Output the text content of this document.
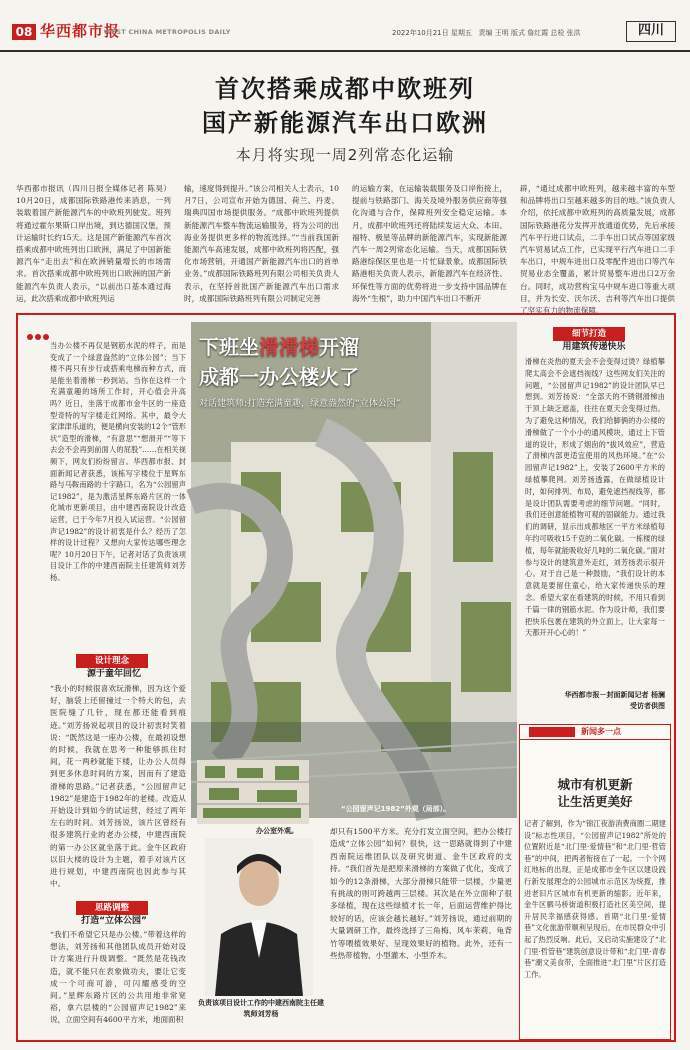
08 华西都市报
WEST CHINA METROPOLIS DAILY	2022年10月21日 星期五 责编 王明 版式 詹红霞 总检 张洪	四川
首次搭乘成都中欧班列
国产新能源汽车出口欧洲
本月将实现一周2列常态化运输
华西都市报讯（四川日报全媒体记者 陈昊）10月20日，成都国际铁路港传来消息，一列装载着国产新能源汽车的中欧班列驶发。班列将通过霍尔果斯口岸出境，到达德国汉堡，预计运输时长约15天。这是国产新能源汽车首次搭乘成都中欧班列出口欧洲，满足了中国新能源汽车“走出去”和在欧洲销量增长的市场需求。首次搭乘成都中欧班列出口欧洲的国产新能源汽车负责人表示，“以前出口基本通过海运，此次搭乘成都中欧班列运
输，速度得到提升。”该公司相关人士表示，10月7日，公司宣布开始为德国、荷兰、丹麦、瑞典四国市场提供服务。“成都中欧班列提供新能源汽车整车物流运输服务，将为公司的出海业务提供更多样的物流选择。”“当前我国新能源汽车高速发展，成都中欧班列将匹配，强化市场营销，开通国产新能源汽车出口的首单业务。”成都国际铁路班列有限公司相关负责人表示，在坚持首批国产新能源汽车出口需求时，成都国际铁路班列有限公司制定完善
的运输方案，在运输装载服务及口岸衔接上，提前与铁路部门、海关及境外服务供应商等强化沟通与合作，保障班列安全稳定运输。本月，成都中欧班列还将陆续发运大众、本田、福特、极星等品牌的新能源汽车，实现新能源汽车一周2列常态化运输。当天，成都国际铁路港综保区里也是一片忙碌景象。成都国际铁路港相关负责人表示，新能源汽车在经济性、环保性等方面的优势将进一步支持中国品牌在海外“生根”，助力中国汽车出口不断开
辟，“通过成都中欧班列，越来越丰富的车型和品牌将出口至越来越多的目的地。”该负责人介绍，依托成都中欧班列的高质量发展，成都国际铁路港花分发挥开放通道优势，先后承接汽车平行进口试点，二手车出口试点等国家级汽车贸易试点工作，已实现平行汽车进口二手车出口，中规车进出口及零配件进出口等汽车贸易业态全覆盖，累计贸易整车进出口2万余台。同时，成功营构宝马中规车进口等重大项目，并为长安、沃尔沃、吉利等汽车出口提供了坚实有力的物流保障。
当办公楼不再仅是钢筋水泥的样子，而是变成了一个绿意盎然的“立体公园”；当下楼不再只有步行或搭乘电梯而种方式，而是能坐着滑梯一秒到站。当你在这样一个充满童趣的场所工作时，开心值会升高吗？近日，坐落于成都市金牛区的一座造型奇特的写字楼走红网络。其中，最令大家津津乐道的，便是横向安装的12个“管形状”造型的滑梯，“有意思”“想滑开”“等下去会不会再到前面人的屁股”……在相关视频下，网友们纷纷留言。华西都市报、封面新闻记者获悉，该栋写字楼位于星辉东路与马鞍南路的十字路口，名为“公园留声记1982”，是为激活星辉东路片区的一体化城市更新项目，由中建西南院设计改造运营，已于今年7月投入试运营。“公园留声记1982”的设计初衷是什么？经历了怎样的设计过程？又想向大家传达哪些理念呢？10月20日下午，记者对话了负责该项目设计工作的中建西南院主任建筑师刘芳杨。
设计理念
源于童年回忆
“我小的时候很喜欢玩滑梯，因为这个爱好，脑袋上还留撞过一个特大的包，去医院缝了几针，现在都还能看到痕迹。”刘芳扬说起项目的设计初衷时笑着说：“既然这是一座办公楼，在最初设想的时候，我就在思考一种能够抓住时间，花一两秒就能下楼，让办公人员得到更多休息时间的方案，因而有了建造滑梯的思路。”记者获悉，“公园留声记1982”是建造于1982年的老楼。改造从开始设计到如今的试运营，经过了两年左右的时间。刘芳扬说，该片区曾经有很多建筑行业的老办公楼，中建西南院的第一办公区就坐落于此。金牛区政府以旧大楼的设计为主题，着手对该片区进行规划，中建西南院也因此参与其中。
思路调整
打造“立体公园”
“我们不希望它只是办公楼。”带着这样的想法，刘芳扬和其他团队成员开始对设计方案进行升级调整。“既然是花钱改造，就不能只在表象做功夫，要让它变成一个可商可游，可闪耀感受的空间。”星辉东路片区的公共用地非常宽裕，拿六层楼的“公园留声记1982”来说，立面空间有4600平方米，地面面积
下班坐滑滑梯开溜
成都一办公楼火了
对话建筑师:打造充满童趣，绿意盎然的“立体公园”
“公园留声记1982”外观（局部）。
办公室外观。
负责该项目设计工作的中建西南院主任建筑师刘芳杨
却只有1500平方米。充分打发立面空间，把办公楼打造成“立体公园”如何？很快，这一思路就得到了中建西南院运维团队以及研究街道、金牛区政府的支持。“我们首先是把原来滑梯的方案做了优化，变成了如今的12条滑梯，大部分滑梯只能带一层楼，少量更有挑战的则可跨越两三层楼。其次是在外立面种了很多绿植，现在这些绿植才长一年，后面运营维护得比较好的话，应该会越长越好。”刘芳扬说，通过前期的大量调研工作，最终选择了三角梅、风车茉莉、龟背竹等喂植效果好、呈现效果好的植物。此外，还有一些热带植物、小型灌木、小型乔木。
细节打造
用建筑传递快乐
滑梯在炎热的夏天会不会变得过烫？绿植攀爬太高会不会遮挡视线？这些网友们关注的问题，“公园留声记1982”的设计团队早已想到。刘芳扬说：“全部天的不锈钢滑梯由于顶上缺乏遮盖，往往在夏天会变得过热。为了避免这种情况，我们给脚俩的办公楼的滑梯做了一个小小的通风模块，通过上下管道的设计，形成了烟囱的“拔风效应”，营造了滑梯内部更适宜使用的风热环境。”在“公园留声记1982”上，安装了2600平方米的绿植攀爬网。刘芳扬透露，在做绿植设计时，如何排列、布局，避免遮挡视线等，都是设计团队需要考虑的细节问题。“同时，我们还创意能植物可观的固碳能力。通过我们的调研，显示出成都地区一平方米绿植每年约可吸收15千克的二氧化碳。一栋楼的绿植，每年就能吸收好几吨的二氧化碳。”面对参与设计的建筑意外走红，刘芳扬表示很开心。对于自己是一种鼓励，“我们设计的本意就是要留住童心，给大家传递快乐的理念。希望大家在看建筑的时候，不用只看到千篇一律的钢筋水泥。作为设计师，我们要把快乐包裹在建筑的外立面上，让大家每一天都开开心心的！”
华西都市报－封面新闻记者 杨澜
受访者供图
新闻多一点
城市有机更新
让生活更美好
记者了解到，作为“锦江夜游消费商圈二期建设”标志性项目，“公园留声记1982”所处的位置附近是“北门里·爱情巷”和“北门里·哲管巷”的中间，把两者衔接在了一起。一个个网红地标的出现，正是成都市金牛区以建设践行新发展理念的公园城市示范区为统揽，推进老旧片区城市有机更新的缩影。近年来，金牛区驷马桥街道积极打造社区美空间，提升居民幸福感获得感。首期“北门里·爱情巷”文化旅游带顺利呈现后，在市民群众中引起了热烈反响。此后，又启动实施建设了“北门里·哲管巷”建筑创意设计带和“北门里·青春巷”潮文美食带，全面推进“北门里”片区打造工作。
